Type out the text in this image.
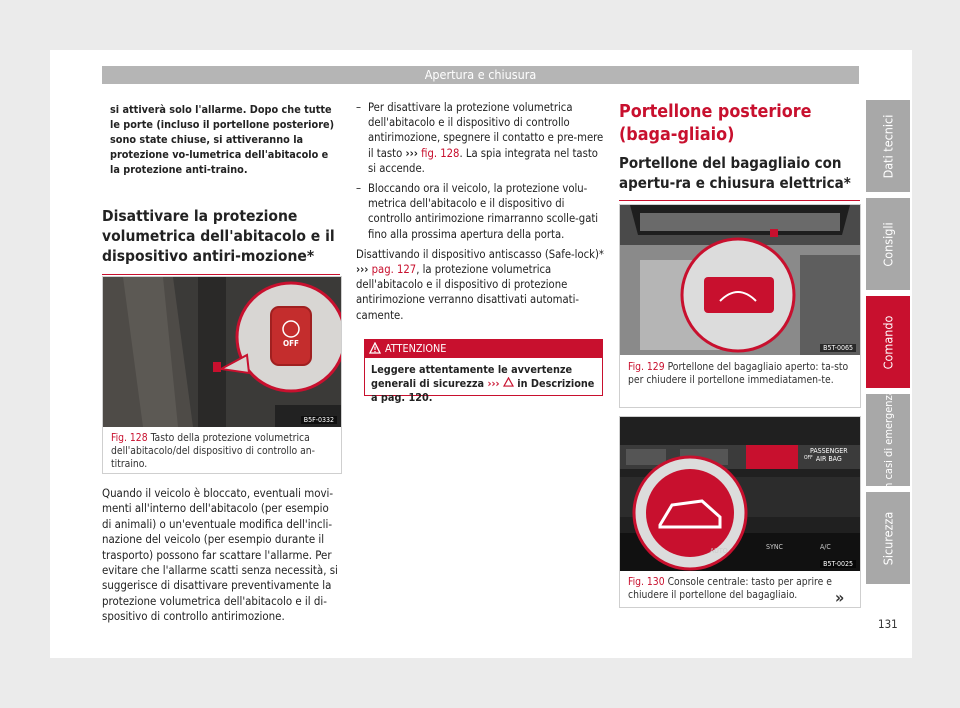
Apertura e chiusura
si attiverà solo l'allarme. Dopo che tutte le porte (incluso il portellone posteriore) sono state chiuse, si attiveranno la protezione vo-lumetrica dell'abitacolo e la protezione anti-traino.
Disattivare la protezione volumetrica dell'abitacolo e il dispositivo antiri-mozione*
OFF
B5F-0332
Fig. 128 Tasto della protezione volumetrica dell'abitacolo/del dispositivo di controllo an-titraino.
Quando il veicolo è bloccato, eventuali movi-menti all'interno dell'abitacolo (per esempio di animali) o un'eventuale modifica dell'incli-nazione del veicolo (per esempio durante il trasporto) possono far scattare l'allarme. Per evitare che l'allarme scatti senza necessità, si suggerisce di disattivare preventivamente la protezione volumetrica dell'abitacolo e il di-spositivo di controllo antirimozione.
– Per disattivare la protezione volumetrica dell'abitacolo e il dispositivo di controllo antirimozione, spegnere il contatto e pre-mere il tasto ››› fig. 128. La spia integrata nel tasto si accende.
– Bloccando ora il veicolo, la protezione volu-metrica dell'abitacolo e il dispositivo di controllo antirimozione rimarranno scolle-gati fino alla prossima apertura della porta.
Disattivando il dispositivo antiscasso (Safe-lock)* ››› pag. 127, la protezione volumetrica dell'abitacolo e il dispositivo di protezione antirimozione verranno disattivati automati-camente.
ATTENZIONE
Leggere attentamente le avvertenze generali di sicurezza ›››  in Descrizione a pag. 120.
Portellone posteriore (baga-gliaio)
Portellone del bagagliaio con apertu-ra e chiusura elettrica*
B5T-0065
Fig. 129 Portellone del bagagliaio aperto: ta-sto per chiudere il portellone immediatamen-te.
PASSENGER
AIR BAG
OFF
SYNC
AUTO	A/C
B5T-0025
Fig. 130 Console centrale: tasto per aprire e chiudere il portellone del bagagliaio.
Dati tecnici
Consigli
Comando
In casi di emergenza
Sicurezza
»
131
